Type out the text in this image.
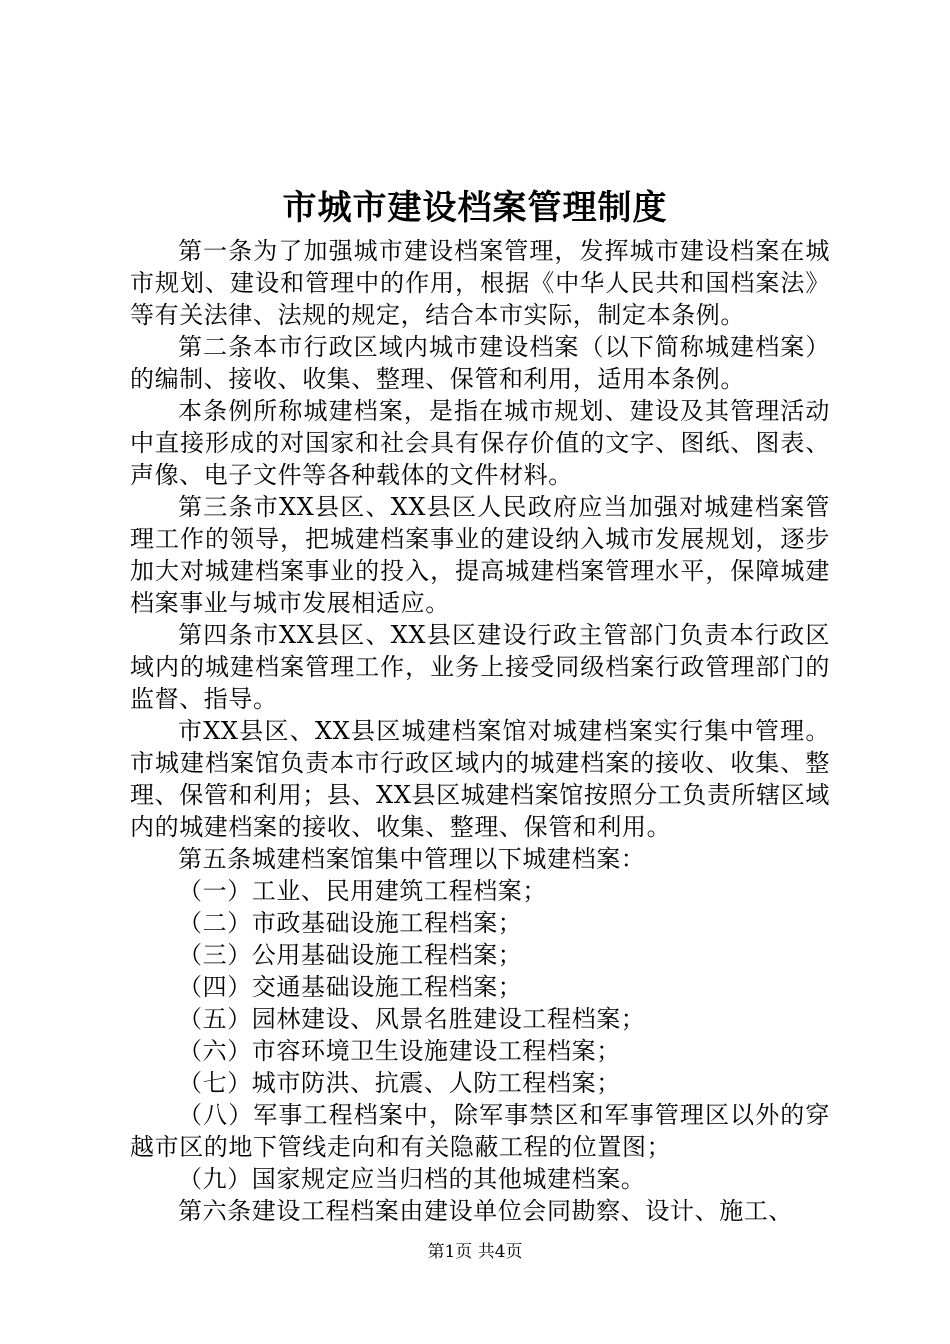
市城市建设档案管理制度

第一条为了加强城市建设档案管理，发挥城市建设档案在城市规划、建设和管理中的作用，根据《中华人民共和国档案法》等有关法律、法规的规定，结合本市实际，制定本条例。

第二条本市行政区域内城市建设档案（以下简称城建档案）的编制、接收、收集、整理、保管和利用，适用本条例。

本条例所称城建档案，是指在城市规划、建设及其管理活动中直接形成的对国家和社会具有保存价值的文字、图纸、图表、声像、电子文件等各种载体的文件材料。

第三条市XX县区、XX县区人民政府应当加强对城建档案管理工作的领导，把城建档案事业的建设纳入城市发展规划，逐步加大对城建档案事业的投入，提高城建档案管理水平，保障城建档案事业与城市发展相适应。

第四条市XX县区、XX县区建设行政主管部门负责本行政区域内的城建档案管理工作，业务上接受同级档案行政管理部门的监督、指导。

市XX县区、XX县区城建档案馆对城建档案实行集中管理。市城建档案馆负责本市行政区域内的城建档案的接收、收集、整理、保管和利用；县、XX县区城建档案馆按照分工负责所辖区域内的城建档案的接收、收集、整理、保管和利用。

第五条城建档案馆集中管理以下城建档案：

（一）工业、民用建筑工程档案；

（二）市政基础设施工程档案；

（三）公用基础设施工程档案；

（四）交通基础设施工程档案；

（五）园林建设、风景名胜建设工程档案；

（六）市容环境卫生设施建设工程档案；

（七）城市防洪、抗震、人防工程档案；

（八）军事工程档案中，除军事禁区和军事管理区以外的穿越市区的地下管线走向和有关隐蔽工程的位置图；

（九）国家规定应当归档的其他城建档案。

第六条建设工程档案由建设单位会同勘察、设计、施工、

第1页 共4页
